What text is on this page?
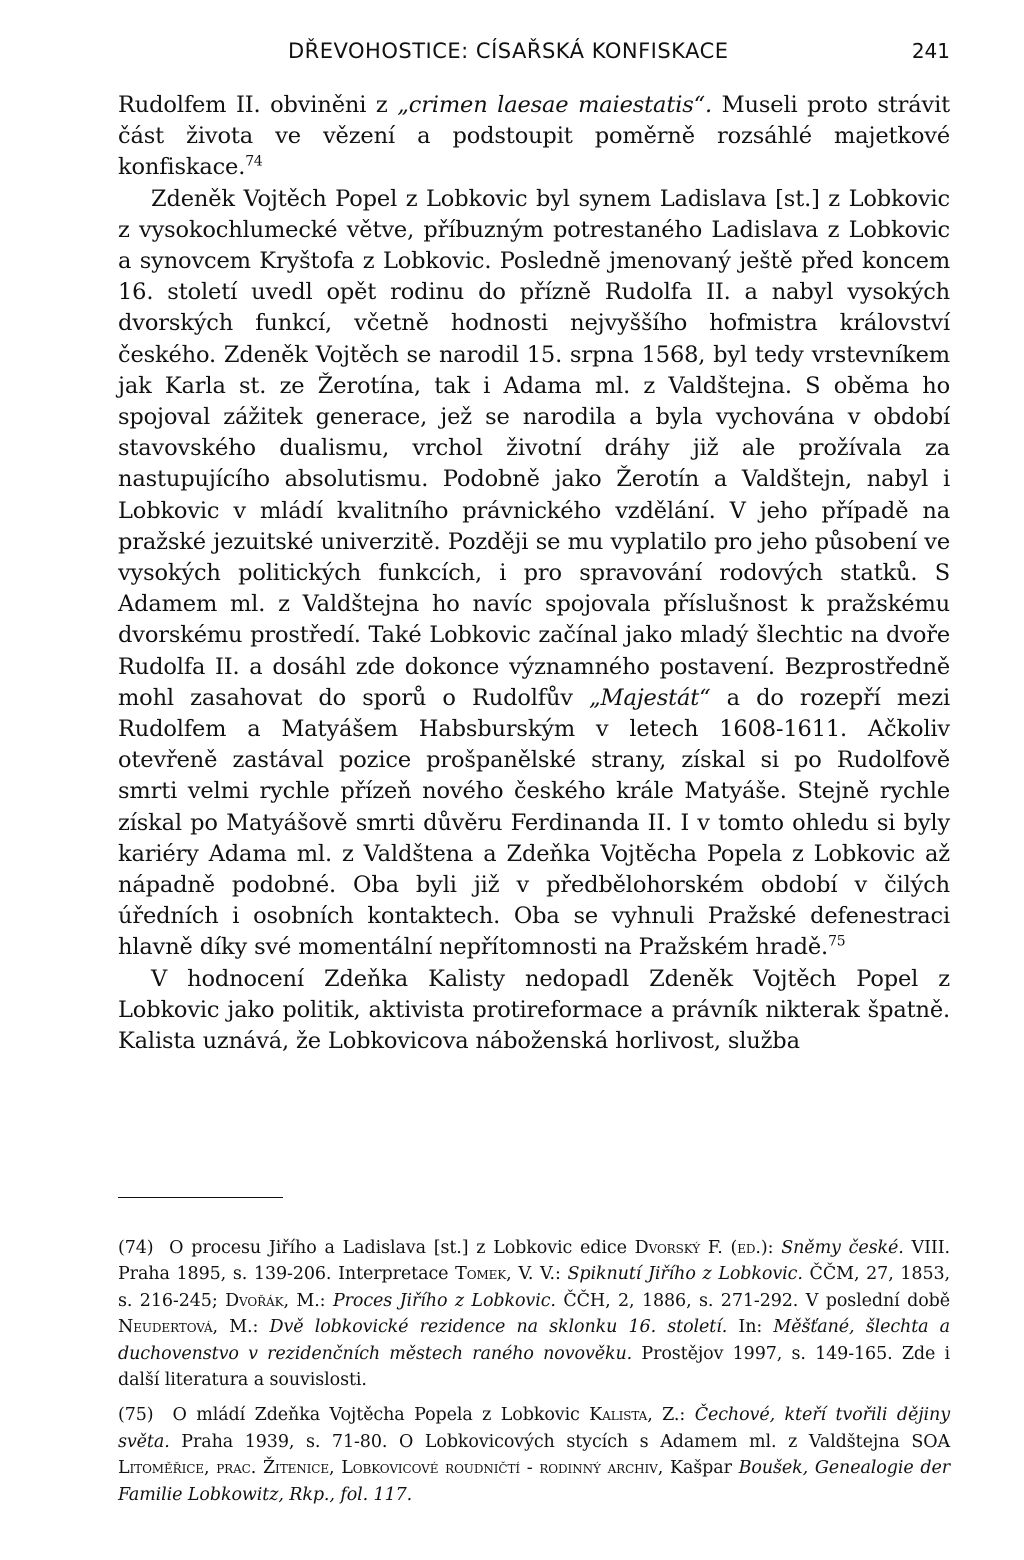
DŘEVOHOSTICE: CÍSAŘSKÁ KONFISKACE	241

Rudolfem II. obviněni z „crimen laesae maiestatis“. Museli proto strávit část života ve vězení a podstoupit poměrně rozsáhlé majetkové konfiskace.$^{74}$

Zdeněk Vojtěch Popel z Lobkovic byl synem Ladislava [st.] z Lobkovic z vysokochlumecké větve, příbuzným potrestaného Ladislava z Lobkovic a synovcem Kryštofa z Lobkovic. Posledně jmenovaný ještě před koncem 16. století uvedl opět rodinu do přízně Rudolfa II. a nabyl vysokých dvorských funkcí, včetně hodnosti nejvyššího hofmistra království českého. Zdeněk Vojtěch se narodil 15. srpna 1568, byl tedy vrstevníkem jak Karla st. ze Žerotína, tak i Adama ml. z Valdštejna. S oběma ho spojoval zážitek generace, jež se narodila a byla vychována v období stavovského dualismu, vrchol životní dráhy již ale prožívala za nastupujícího absolutismu. Podobně jako Žerotín a Valdštejn, nabyl i Lobkovic v mládí kvalitního právnického vzdělání. V jeho případě na pražské jezuitské univerzitě. Později se mu vyplatilo pro jeho působení ve vysokých politických funkcích, i pro spravování rodových statků. S Adamem ml. z Valdštejna ho navíc spojovala příslušnost k pražskému dvorskému prostředí. Také Lobkovic začínal jako mladý šlechtic na dvoře Rudolfa II. a dosáhl zde dokonce významného postavení. Bezprostředně mohl zasahovat do sporů o Rudolfův „Majestát“ a do rozepří mezi Rudolfem a Matyášem Habsburským v letech 1608-1611. Ačkoliv otevřeně zastával pozice prošpanělské strany, získal si po Rudolfově smrti velmi rychle přízeň nového českého krále Matyáše. Stejně rychle získal po Matyášově smrti důvěru Ferdinanda II. I v tomto ohledu si byly kariéry Adama ml. z Valdštena a Zdeňka Vojtěcha Popela z Lobkovic až nápadně podobné. Oba byli již v předbělohorském období v čilých úředních i osobních kontaktech. Oba se vyhnuli Pražské defenestraci hlavně díky své momentální nepřítomnosti na Pražském hradě.$^{75}$

V hodnocení Zdeňka Kalisty nedopadl Zdeněk Vojtěch Popel z Lobkovic jako politik, aktivista protireformace a právník nikterak špatně. Kalista uznává, že Lobkovicova náboženská horlivost, služba

(74) O procesu Jiřího a Ladislava [st.] z Lobkovic edice Dvorský F. (ed.): Sněmy české. VIII. Praha 1895, s. 139-206. Interpretace Tomek, V. V.: Spiknutí Jiřího z Lobkovic. ČČM, 27, 1853, s. 216-245; Dvořák, M.: Proces Jiřího z Lobkovic. ČČH, 2, 1886, s. 271-292. V poslední době Neudertová, M.: Dvě lobkovické rezidence na sklonku 16. století. In: Měšťané, šlechta a duchovenstvo v rezidenčních městech raného novověku. Prostějov 1997, s. 149-165. Zde i další literatura a souvislosti.

(75) O mládí Zdeňka Vojtěcha Popela z Lobkovic Kalista, Z.: Čechové, kteří tvořili dějiny světa. Praha 1939, s. 71-80. O Lobkovicových stycích s Adamem ml. z Valdštejna SOA Litoměřice, prac. Žitenice, Lobkovicové roudničtí - rodinný archiv, Kašpar Boušek, Genealogie der Familie Lobkowitz, Rkp., fol. 117.
